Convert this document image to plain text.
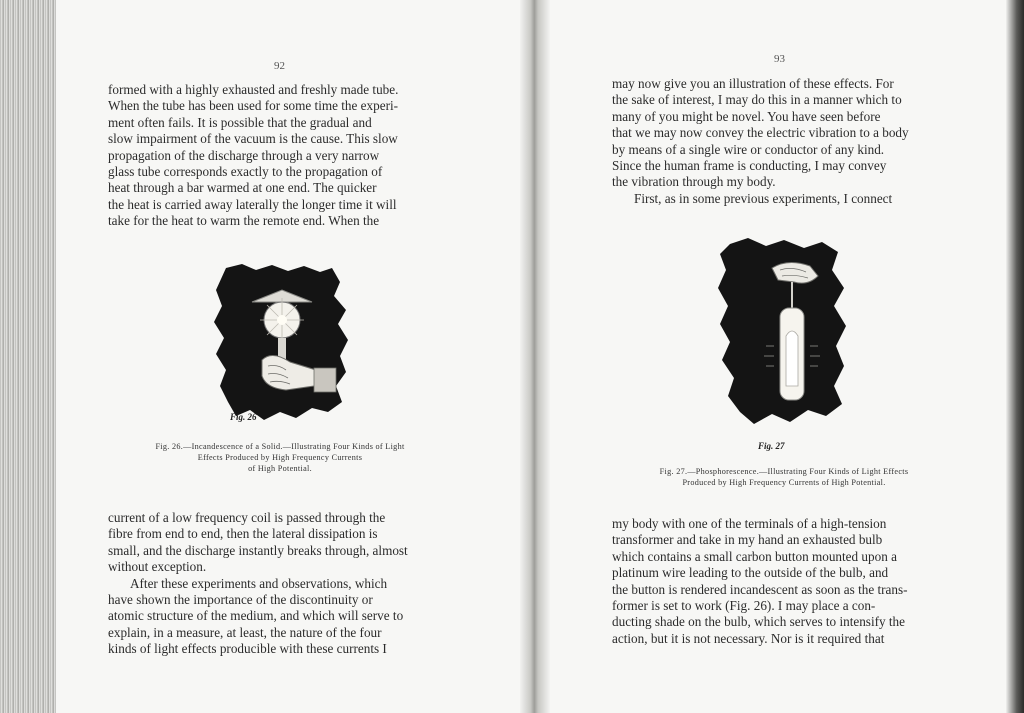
92

formed with a highly exhausted and freshly made tube.

When the tube has been used for some time the experi-

ment often fails. It is possible that the gradual and

slow impairment of the vacuum is the cause. This slow

propagation of the discharge through a very narrow

glass tube corresponds exactly to the propagation of

heat through a bar warmed at one end. The quicker

the heat is carried away laterally the longer time it will

take for the heat to warm the remote end. When the

Fig. 26
Fig. 26.—Incandescence of a Solid.—Illustrating Four Kinds of Light
Effects Produced by High Frequency Currents
of High Potential.

current of a low frequency coil is passed through the

fibre from end to end, then the lateral dissipation is

small, and the discharge instantly breaks through, almost

without exception.

After these experiments and observations, which

have shown the importance of the discontinuity or

atomic structure of the medium, and which will serve to

explain, in a measure, at least, the nature of the four

kinds of light effects producible with these currents I

93

may now give you an illustration of these effects. For

the sake of interest, I may do this in a manner which to

many of you might be novel. You have seen before

that we may now convey the electric vibration to a body

by means of a single wire or conductor of any kind.

Since the human frame is conducting, I may convey

the vibration through my body.

First, as in some previous experiments, I connect

Fig. 27
Fig. 27.—Phosphorescence.—Illustrating Four Kinds of Light Effects
Produced by High Frequency Currents of High Potential.

my body with one of the terminals of a high-tension

transformer and take in my hand an exhausted bulb

which contains a small carbon button mounted upon a

platinum wire leading to the outside of the bulb, and

the button is rendered incandescent as soon as the trans-

former is set to work (Fig. 26). I may place a con-

ducting shade on the bulb, which serves to intensify the

action, but it is not necessary. Nor is it required that
